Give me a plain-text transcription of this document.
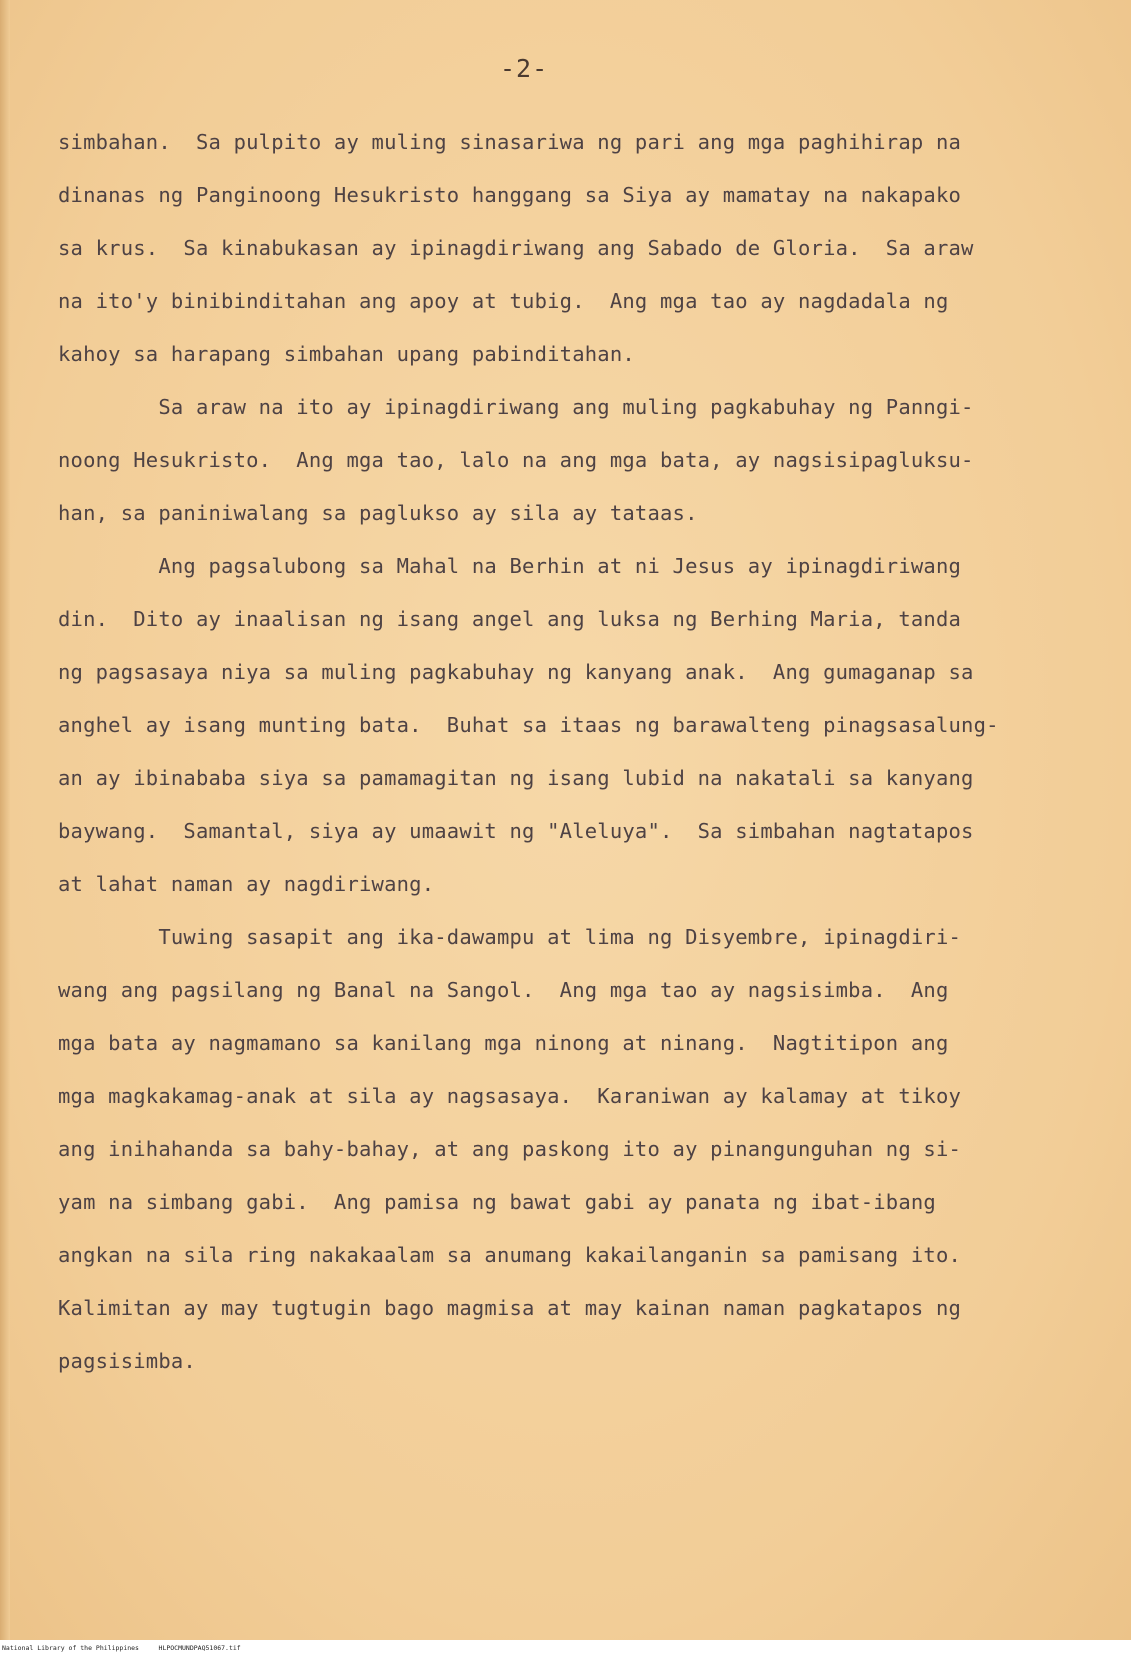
-2-
simbahan.  Sa pulpito ay muling sinasariwa ng pari ang mga paghihirap na
dinanas ng Panginoong Hesukristo hanggang sa Siya ay mamatay na nakapako
sa krus.  Sa kinabukasan ay ipinagdiriwang ang Sabado de Gloria.  Sa araw
na ito'y binibinditahan ang apoy at tubig.  Ang mga tao ay nagdadala ng
kahoy sa harapang simbahan upang pabinditahan.
Sa araw na ito ay ipinagdiriwang ang muling pagkabuhay ng Panngi-
noong Hesukristo.  Ang mga tao, lalo na ang mga bata, ay nagsisipagluksu-
han, sa paniniwalang sa paglukso ay sila ay tataas.
Ang pagsalubong sa Mahal na Berhin at ni Jesus ay ipinagdiriwang
din.  Dito ay inaalisan ng isang angel ang luksa ng Berhing Maria, tanda
ng pagsasaya niya sa muling pagkabuhay ng kanyang anak.  Ang gumaganap sa
anghel ay isang munting bata.  Buhat sa itaas ng barawalteng pinagsasalung-
an ay ibinababa siya sa pamamagitan ng isang lubid na nakatali sa kanyang
baywang.  Samantal, siya ay umaawit ng "Aleluya".  Sa simbahan nagtatapos
at lahat naman ay nagdiriwang.
Tuwing sasapit ang ika-dawampu at lima ng Disyembre, ipinagdiri-
wang ang pagsilang ng Banal na Sangol.  Ang mga tao ay nagsisimba.  Ang
mga bata ay nagmamano sa kanilang mga ninong at ninang.  Nagtitipon ang
mga magkakamag-anak at sila ay nagsasaya.  Karaniwan ay kalamay at tikoy
ang inihahanda sa bahy-bahay, at ang paskong ito ay pinangunguhan ng si-
yam na simbang gabi.  Ang pamisa ng bawat gabi ay panata ng ibat-ibang
angkan na sila ring nakakaalam sa anumang kakailanganin sa pamisang ito.
Kalimitan ay may tugtugin bago magmisa at may kainan naman pagkatapos ng
pagsisimba.
National Library of the Philippines     HLPOCMUNDPAQ51067.tif
